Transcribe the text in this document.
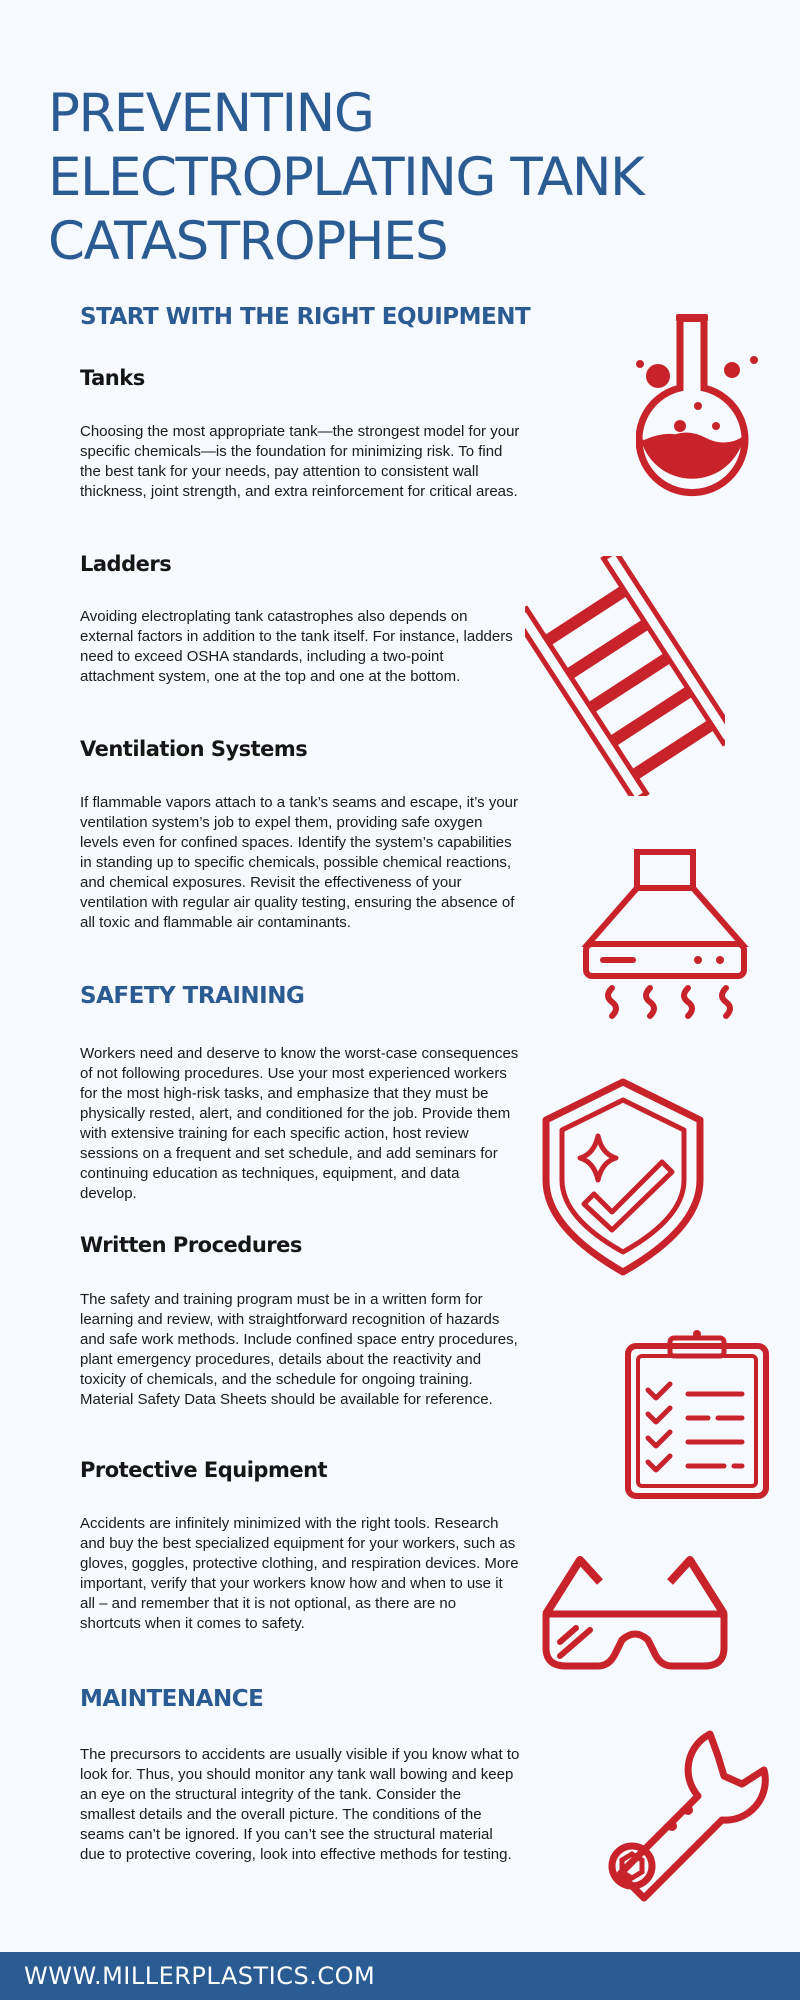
PREVENTING ELECTROPLATING TANK CATASTROPHES
START WITH THE RIGHT EQUIPMENT
Tanks

Choosing the most appropriate tank—the strongest model for your specific chemicals—is the foundation for minimizing risk. To find the best tank for your needs, pay attention to consistent wall thickness, joint strength, and extra reinforcement for critical areas.

Ladders

Avoiding electroplating tank catastrophes also depends on external factors in addition to the tank itself. For instance, ladders need to exceed OSHA standards, including a two-point attachment system, one at the top and one at the bottom.

Ventilation Systems

If flammable vapors attach to a tank’s seams and escape, it’s your ventilation system’s job to expel them, providing safe oxygen levels even for confined spaces. Identify the system’s capabilities in standing up to specific chemicals, possible chemical reactions, and chemical exposures. Revisit the effectiveness of your ventilation with regular air quality testing, ensuring the absence of all toxic and flammable air contaminants.

SAFETY TRAINING

Workers need and deserve to know the worst-case consequences of not following procedures. Use your most experienced workers for the most high-risk tasks, and emphasize that they must be physically rested, alert, and conditioned for the job. Provide them with extensive training for each specific action, host review sessions on a frequent and set schedule, and add seminars for continuing education as techniques, equipment, and data develop.

Written Procedures

The safety and training program must be in a written form for learning and review, with straightforward recognition of hazards and safe work methods. Include confined space entry procedures, plant emergency procedures, details about the reactivity and toxicity of chemicals, and the schedule for ongoing training. Material Safety Data Sheets should be available for reference.

Protective Equipment

Accidents are infinitely minimized with the right tools. Research and buy the best specialized equipment for your workers, such as gloves, goggles, protective clothing, and respiration devices. More important, verify that your workers know how and when to use it all – and remember that it is not optional, as there are no shortcuts when it comes to safety.

MAINTENANCE

The precursors to accidents are usually visible if you know what to look for. Thus, you should monitor any tank wall bowing and keep an eye on the structural integrity of the tank. Consider the smallest details and the overall picture. The conditions of the seams can’t be ignored. If you can’t see the structural material due to protective covering, look into effective methods for testing.

WWW.MILLERPLASTICS.COM
